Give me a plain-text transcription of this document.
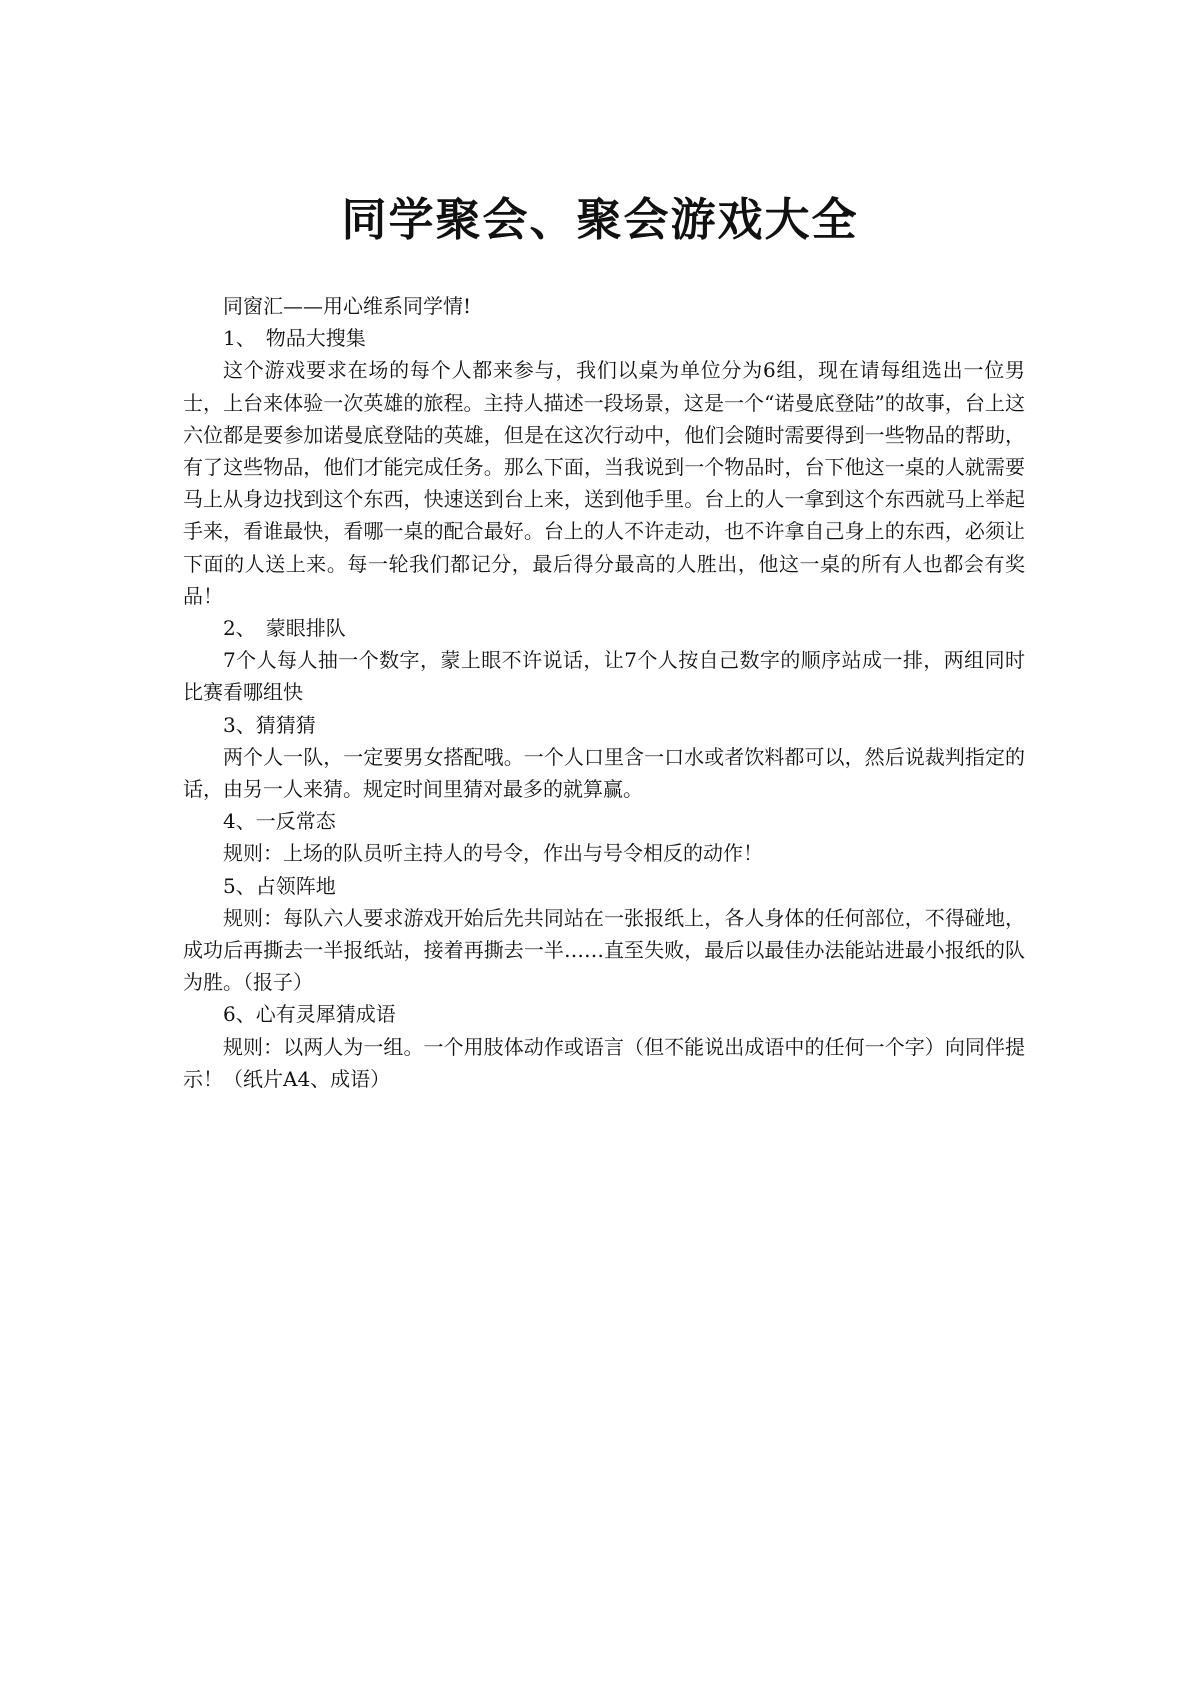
同学聚会、聚会游戏大全

同窗汇——用心维系同学情!

1、　物品大搜集

这个游戏要求在场的每个人都来参与，我们以桌为单位分为6组，现在请每组选出一位男士，上台来体验一次英雄的旅程。主持人描述一段场景，这是一个“诺曼底登陆”的故事，台上这六位都是要参加诺曼底登陆的英雄，但是在这次行动中，他们会随时需要得到一些物品的帮助，有了这些物品，他们才能完成任务。那么下面，当我说到一个物品时，台下他这一桌的人就需要马上从身边找到这个东西，快速送到台上来，送到他手里。台上的人一拿到这个东西就马上举起手来，看谁最快，看哪一桌的配合最好。台上的人不许走动，也不许拿自己身上的东西，必须让下面的人送上来。每一轮我们都记分，最后得分最高的人胜出，他这一桌的所有人也都会有奖品！

2、　蒙眼排队

7个人每人抽一个数字，蒙上眼不许说话，让7个人按自己数字的顺序站成一排，两组同时比赛看哪组快

3、猜猜猜

两个人一队，一定要男女搭配哦。一个人口里含一口水或者饮料都可以，然后说裁判指定的话，由另一人来猜。规定时间里猜对最多的就算赢。

4、一反常态

规则：上场的队员听主持人的号令，作出与号令相反的动作！

5、占领阵地

规则：每队六人要求游戏开始后先共同站在一张报纸上，各人身体的任何部位，不得碰地，成功后再撕去一半报纸站，接着再撕去一半……直至失败，最后以最佳办法能站进最小报纸的队为胜。（报子）

6、心有灵犀猜成语

规则：以两人为一组。一个用肢体动作或语言（但不能说出成语中的任何一个字）向同伴提示！（纸片A4、成语）
